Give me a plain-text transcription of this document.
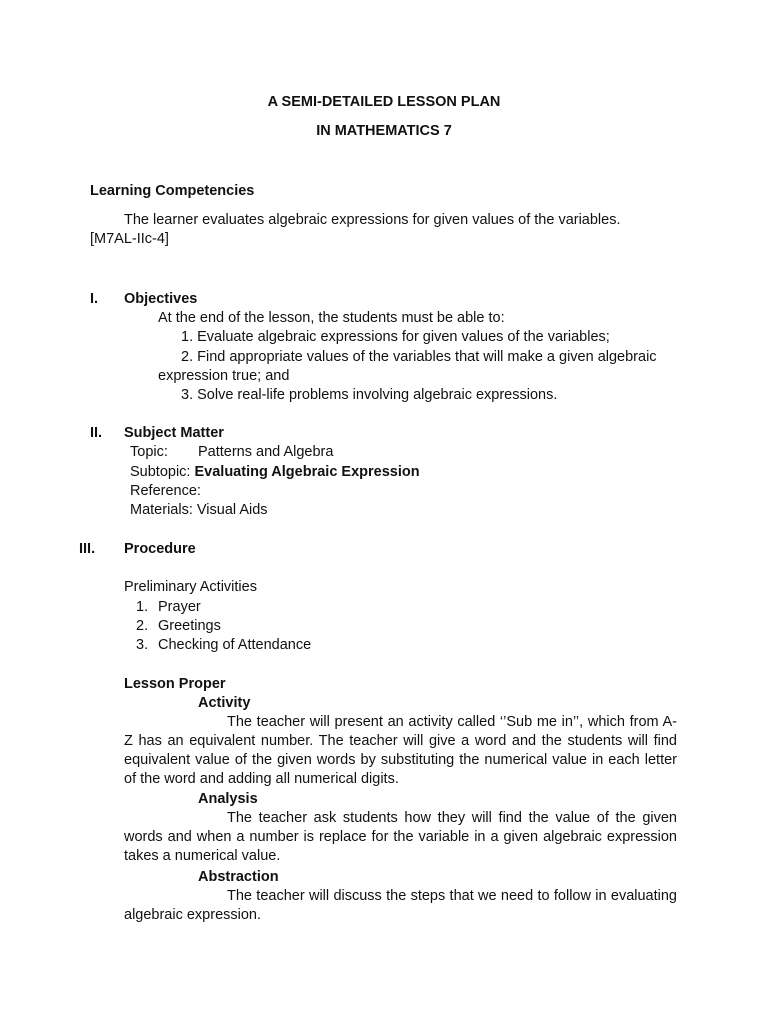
A SEMI-DETAILED LESSON PLAN
IN MATHEMATICS 7
Learning Competencies
The learner evaluates algebraic expressions for given values of the variables.
[M7AL-IIc-4]
I. Objectives
At the end of the lesson, the students must be able to:
1. Evaluate algebraic expressions for given values of the variables;
2. Find appropriate values of the variables that will make a given algebraic
expression true; and
3. Solve real-life problems involving algebraic expressions.
II. Subject Matter
Topic: Patterns and Algebra
Subtopic: Evaluating Algebraic Expression
Reference:
Materials: Visual Aids
III. Procedure
Preliminary Activities
1. Prayer
2. Greetings
3. Checking of Attendance
Lesson Proper
Activity
The teacher will present an activity called ‘’Sub me in’’, which from A-Z has an equivalent number. The teacher will give a word and the students will find equivalent value of the given words by substituting the numerical value in each letter of the word and adding all numerical digits.
Analysis
The teacher ask students how they will find the value of the given words and when a number is replace for the variable in a given algebraic expression takes a numerical value.
Abstraction
The teacher will discuss the steps that we need to follow in evaluating algebraic expression.
